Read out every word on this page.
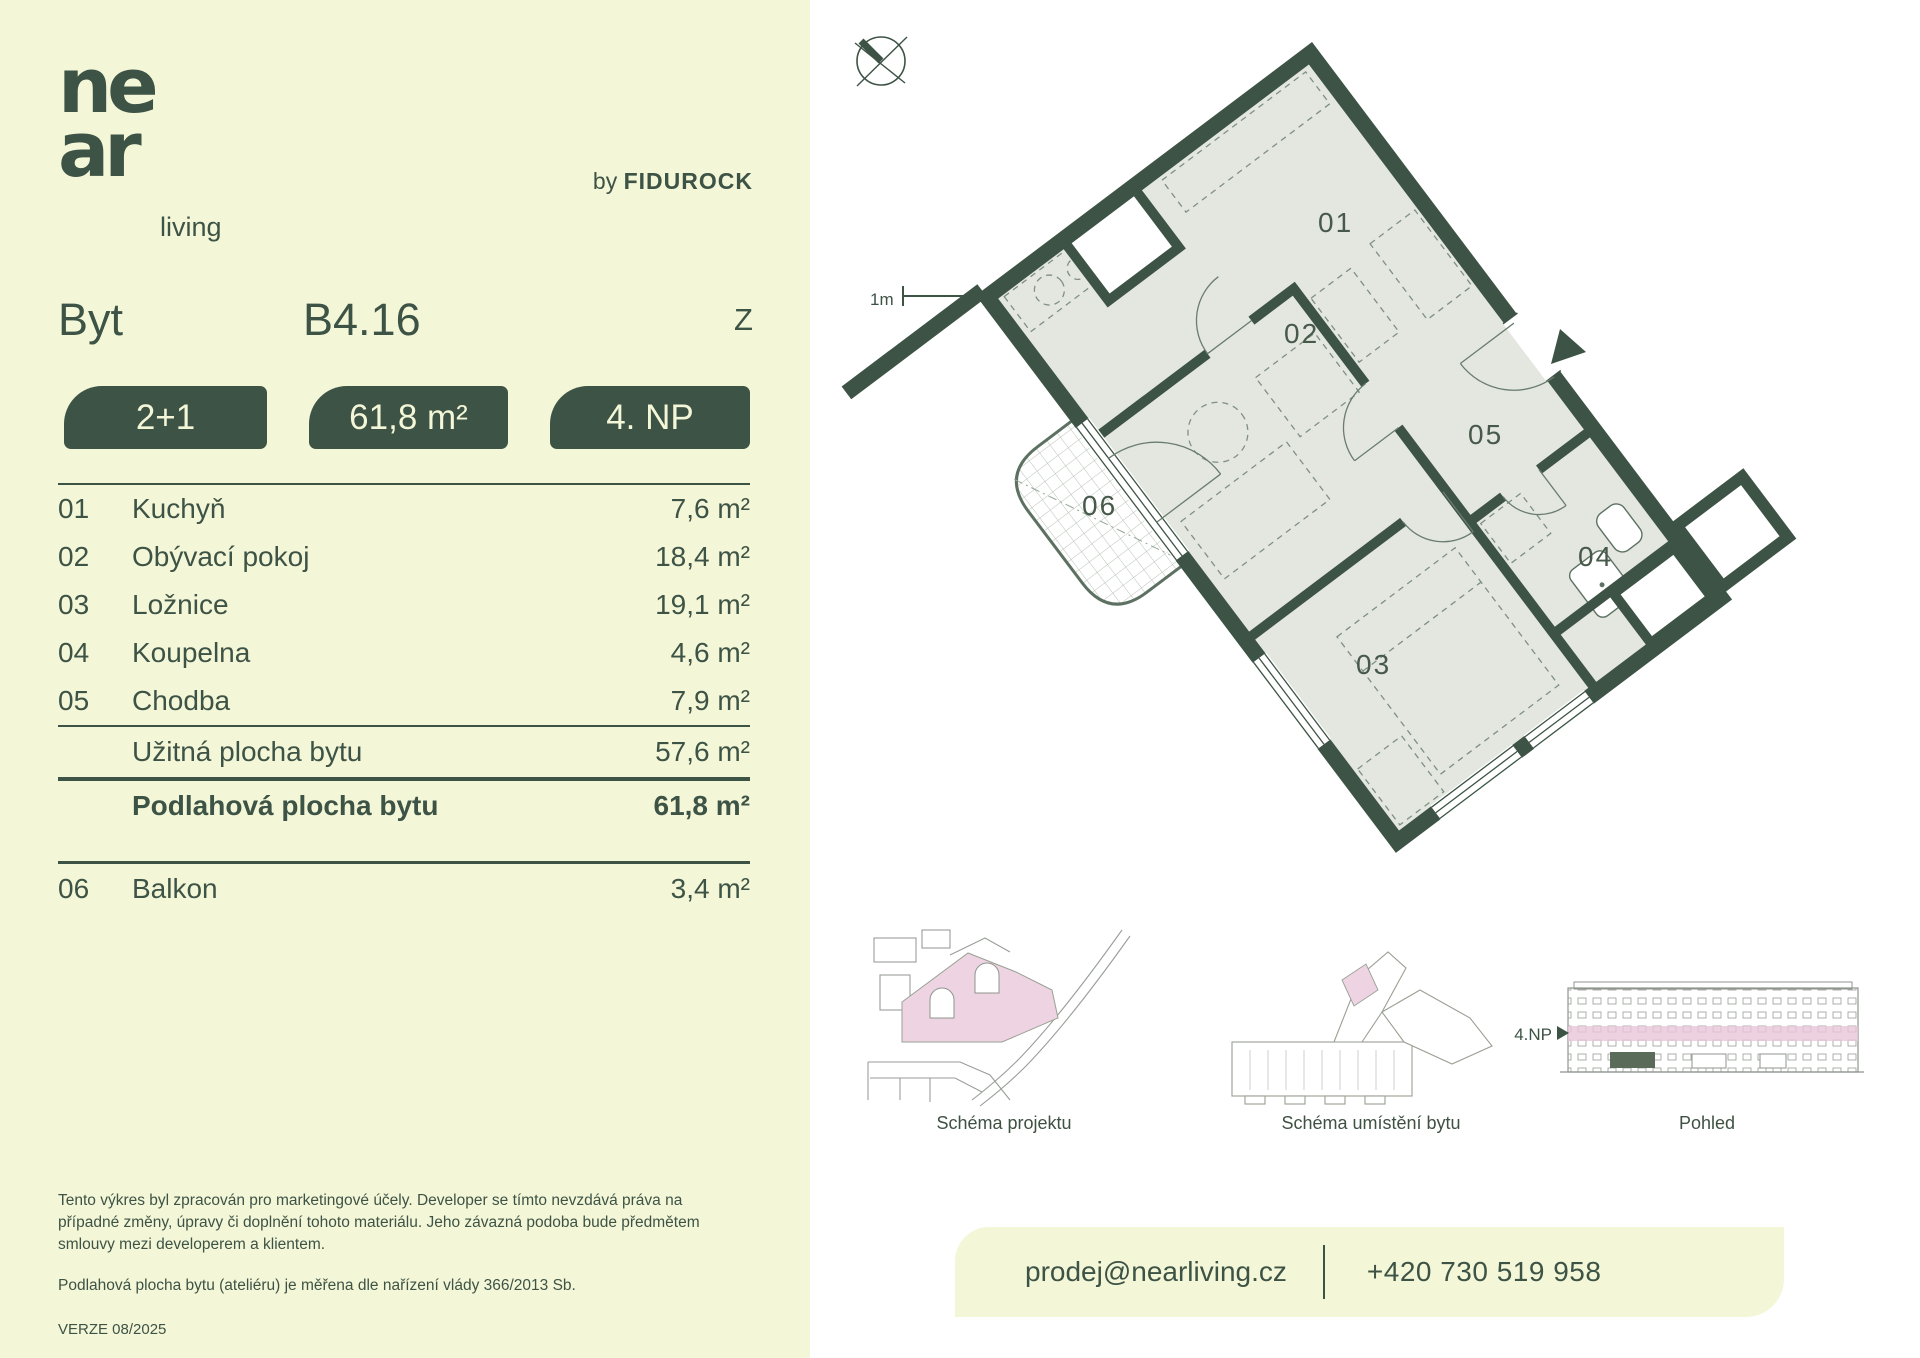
1m
01
02
03
04
05
06
4.NP
Schéma projektu	Schéma umístění bytu	Pohled
ne
ar
living
by FIDUROCK
Byt	B4.16	Z
2+1	61,8 m²	4. NP
01	Kuchyň	7,6 m²
02	Obývací pokoj	18,4 m²
03	Ložnice	19,1 m²
04	Koupelna	4,6 m²
05	Chodba	7,9 m²
Užitná plocha bytu	57,6 m²
Podlahová plocha bytu	61,8 m²
06	Balkon	3,4 m²
Tento výkres byl zpracován pro marketingové účely. Developer se tímto nevzdává práva na případné změny, úpravy či doplnění tohoto materiálu. Jeho závazná podoba bude předmětem smlouvy mezi developerem a klientem.
Podlahová plocha bytu (ateliéru) je měřena dle nařízení vlády 366/2013 Sb.
VERZE 08/2025
prodej@nearliving.cz	+420 730 519 958
